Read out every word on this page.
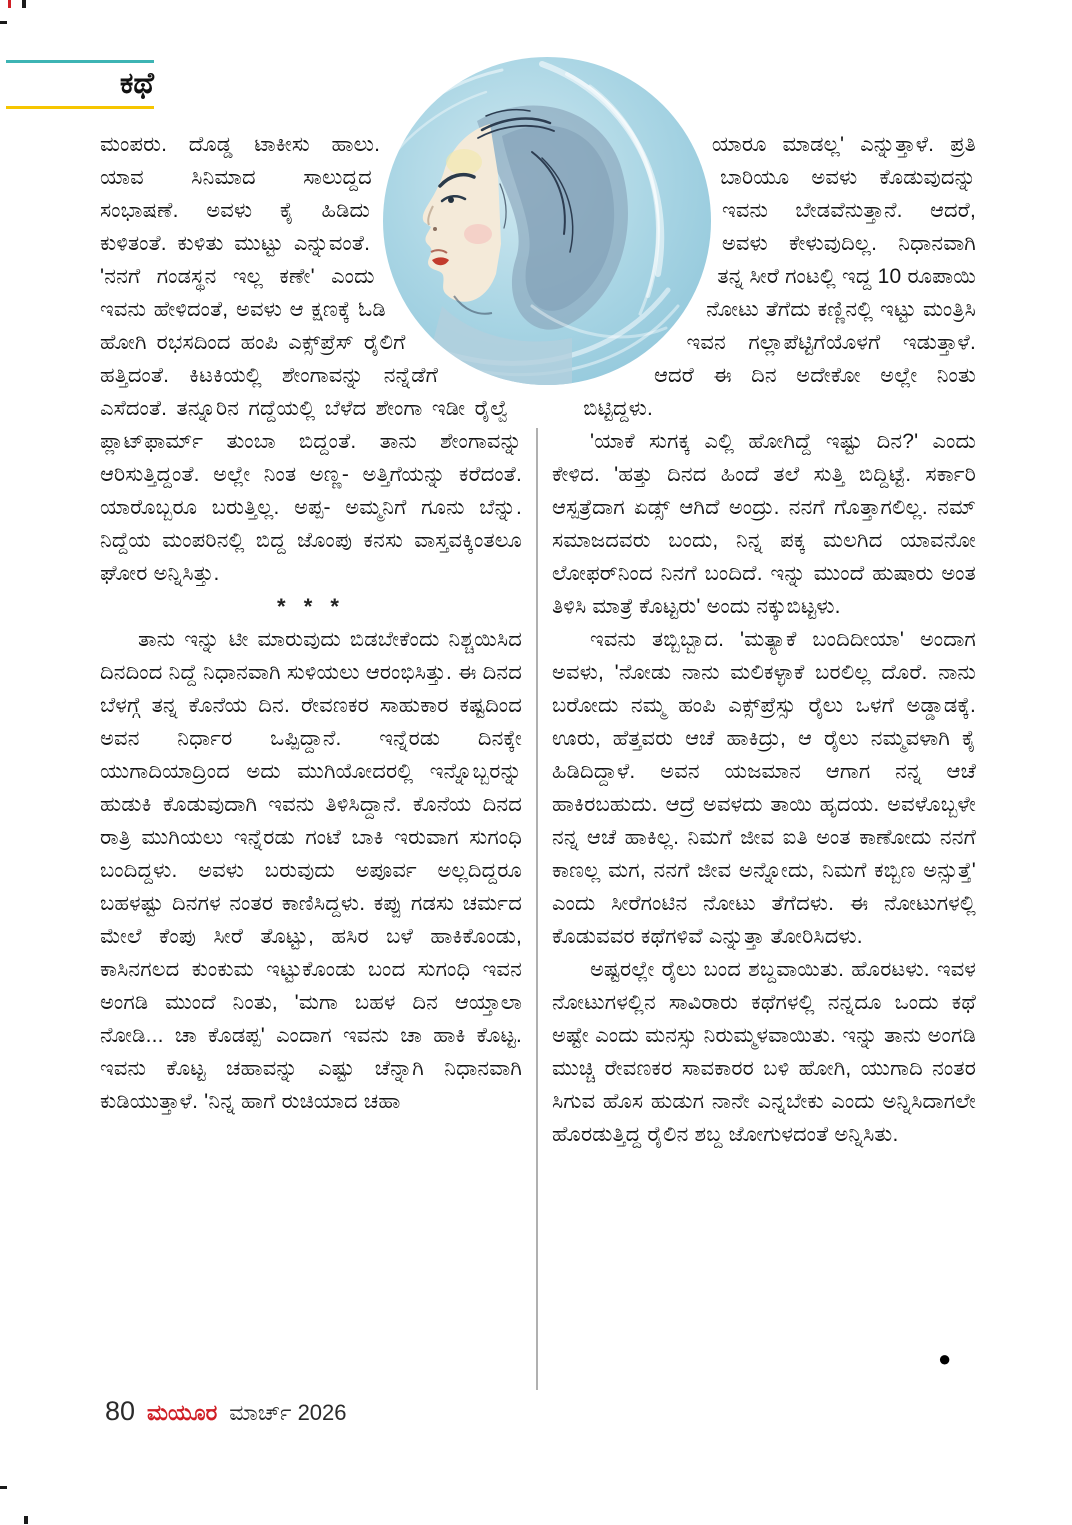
ಕಥೆ

ಮಂಪರು. ದೊಡ್ಡ ಟಾಕೀಸು ಹಾಲು. ಯಾವ ಸಿನಿಮಾದ ಸಾಲುದ್ದದ ಸಂಭಾಷಣೆ. ಅವಳು ಕೈ ಹಿಡಿದು ಕುಳಿತಂತೆ. ಕುಳಿತು ಮುಟ್ಟು ಎನ್ನುವಂತೆ. 'ನನಗೆ ಗಂಡಸ್ಥನ ಇಲ್ಲ ಕಣೇ' ಎಂದು ಇವನು ಹೇಳಿದಂತೆ, ಅವಳು ಆ ಕ್ಷಣಕ್ಕೆ ಓಡಿ ಹೋಗಿ ರಭಸದಿಂದ ಹಂಪಿ ಎಕ್ಸ್‌ಪ್ರೆಸ್ ರೈಲಿಗೆ ಹತ್ತಿದಂತೆ. ಕಿಟಕಿಯಲ್ಲಿ ಶೇಂಗಾವನ್ನು ನನ್ನೆಡೆಗೆ ಎಸೆದಂತೆ. ತನ್ನೂರಿನ ಗದ್ದೆಯಲ್ಲಿ ಬೆಳೆದ ಶೇಂಗಾ ಇಡೀ ರೈಲ್ವೆ ಪ್ಲಾಟ್‌ಫಾರ್ಮ್ ತುಂಬಾ ಬಿದ್ದಂತೆ. ತಾನು ಶೇಂಗಾವನ್ನು ಆರಿಸುತ್ತಿದ್ದಂತೆ. ಅಲ್ಲೇ ನಿಂತ ಅಣ್ಣ- ಅತ್ತಿಗೆಯನ್ನು ಕರೆದಂತೆ. ಯಾರೊಬ್ಬರೂ ಬರುತ್ತಿಲ್ಲ. ಅಪ್ಪ- ಅಮ್ಮನಿಗೆ ಗೂನು ಬೆನ್ನು. ನಿದ್ದೆಯ ಮಂಪರಿನಲ್ಲಿ ಬಿದ್ದ ಜೊಂಪು ಕನಸು ವಾಸ್ತವಕ್ಕಿಂತಲೂ ಘೋರ ಅನ್ನಿಸಿತ್ತು.

* * *

ತಾನು ಇನ್ನು ಟೀ ಮಾರುವುದು ಬಿಡಬೇಕೆಂದು ನಿಶ್ಚಯಿಸಿದ ದಿನದಿಂದ ನಿದ್ದೆ ನಿಧಾನವಾಗಿ ಸುಳಿಯಲು ಆರಂಭಿಸಿತ್ತು. ಈ ದಿನದ ಬೆಳಗ್ಗೆ ತನ್ನ ಕೊನೆಯ ದಿನ. ರೇವಣಕರ ಸಾಹುಕಾರ ಕಷ್ಟದಿಂದ ಅವನ ನಿರ್ಧಾರ ಒಪ್ಪಿದ್ದಾನೆ. ಇನ್ನೆರಡು ದಿನಕ್ಕೇ ಯುಗಾದಿಯಾದ್ರಿಂದ ಅದು ಮುಗಿಯೋದರಲ್ಲಿ ಇನ್ನೊಬ್ಬರನ್ನು ಹುಡುಕಿ ಕೊಡುವುದಾಗಿ ಇವನು ತಿಳಿಸಿದ್ದಾನೆ. ಕೊನೆಯ ದಿನದ ರಾತ್ರಿ ಮುಗಿಯಲು ಇನ್ನೆರಡು ಗಂಟೆ ಬಾಕಿ ಇರುವಾಗ ಸುಗಂಧಿ ಬಂದಿದ್ದಳು. ಅವಳು ಬರುವುದು ಅಪೂರ್ವ ಅಲ್ಲದಿದ್ದರೂ ಬಹಳಷ್ಟು ದಿನಗಳ ನಂತರ ಕಾಣಿಸಿದ್ದಳು. ಕಪ್ಪು ಗಡಸು ಚರ್ಮದ ಮೇಲೆ ಕೆಂಪು ಸೀರೆ ತೊಟ್ಟು, ಹಸಿರ ಬಳೆ ಹಾಕಿಕೊಂಡು, ಕಾಸಿನಗಲದ ಕುಂಕುಮ ಇಟ್ಟುಕೊಂಡು ಬಂದ ಸುಗಂಧಿ ಇವನ ಅಂಗಡಿ ಮುಂದೆ ನಿಂತು, 'ಮಗಾ ಬಹಳ ದಿನ ಆಯ್ತಾಲಾ ನೋಡಿ... ಚಾ ಕೊಡಪ್ಪ' ಎಂದಾಗ ಇವನು ಚಾ ಹಾಕಿ ಕೊಟ್ಟ. ಇವನು ಕೊಟ್ಟ ಚಹಾವನ್ನು ಎಷ್ಟು ಚೆನ್ನಾಗಿ ನಿಧಾನವಾಗಿ ಕುಡಿಯುತ್ತಾಳೆ. 'ನಿನ್ನ ಹಾಗೆ ರುಚಿಯಾದ ಚಹಾ

ಯಾರೂ ಮಾಡಲ್ಲ' ಎನ್ನುತ್ತಾಳೆ. ಪ್ರತಿ ಬಾರಿಯೂ ಅವಳು ಕೊಡುವುದನ್ನು ಇವನು ಬೇಡವೆನುತ್ತಾನೆ. ಆದರೆ, ಅವಳು ಕೇಳುವುದಿಲ್ಲ. ನಿಧಾನವಾಗಿ ತನ್ನ ಸೀರೆ ಗಂಟಲ್ಲಿ ಇದ್ದ 10 ರೂಪಾಯಿ ನೋಟು ತೆಗೆದು ಕಣ್ಣಿನಲ್ಲಿ ಇಟ್ಟು ಮಂತ್ರಿಸಿ ಇವನ ಗಲ್ಲಾಪೆಟ್ಟಿಗೆಯೊಳಗೆ ಇಡುತ್ತಾಳೆ. ಆದರೆ ಈ ದಿನ ಅದೇಕೋ ಅಲ್ಲೇ ನಿಂತು ಬಿಟ್ಟಿದ್ದಳು.

'ಯಾಕೆ ಸುಗಕ್ಕ ಎಲ್ಲಿ ಹೋಗಿದ್ದೆ ಇಷ್ಟು ದಿನ?' ಎಂದು ಕೇಳಿದ. 'ಹತ್ತು ದಿನದ ಹಿಂದೆ ತಲೆ ಸುತ್ತಿ ಬಿದ್ದಿಟ್ಟೆ. ಸರ್ಕಾರಿ ಆಸ್ಪತ್ರೆದಾಗ ಏಡ್ಸ್ ಆಗಿದೆ ಅಂದ್ರು. ನನಗೆ ಗೊತ್ತಾಗಲಿಲ್ಲ. ನಮ್ ಸಮಾಜದವರು ಬಂದು, ನಿನ್ನ ಪಕ್ಕ ಮಲಗಿದ ಯಾವನೋ ಲೋಫರ್‌ನಿಂದ ನಿನಗೆ ಬಂದಿದೆ. ಇನ್ನು ಮುಂದೆ ಹುಷಾರು ಅಂತ ತಿಳಿಸಿ ಮಾತ್ರೆ ಕೊಟ್ಟರು' ಅಂದು ನಕ್ಕುಬಿಟ್ಟಳು.

ಇವನು ತಬ್ಬಿಬ್ಬಾದ. 'ಮತ್ಯಾಕೆ ಬಂದಿದೀಯಾ' ಅಂದಾಗ ಅವಳು, 'ನೋಡು ನಾನು ಮಲಿಕಳ್ಳಾಕೆ ಬರಲಿಲ್ಲ ದೊರೆ. ನಾನು ಬರೋದು ನಮ್ಮ ಹಂಪಿ ಎಕ್ಸ್‌ಪ್ರೆಸ್ಸು ರೈಲು ಒಳಗೆ ಅಡ್ಡಾಡಕ್ಕೆ. ಊರು, ಹೆತ್ತವರು ಆಚೆ ಹಾಕಿದ್ರು, ಆ ರೈಲು ನಮ್ಮವಳಾಗಿ ಕೈ ಹಿಡಿದಿದ್ದಾಳೆ. ಅವನ ಯಜಮಾನ ಆಗಾಗ ನನ್ನ ಆಚೆ ಹಾಕಿರಬಹುದು. ಆದ್ರೆ ಅವಳದು ತಾಯಿ ಹೃದಯ. ಅವಳೊಬ್ಬಳೇ ನನ್ನ ಆಚೆ ಹಾಕಿಲ್ಲ. ನಿಮಗೆ ಜೀವ ಐತಿ ಅಂತ ಕಾಣೋದು ನನಗೆ ಕಾಣಲ್ಲ ಮಗ, ನನಗೆ ಜೀವ ಅನ್ನೋದು, ನಿಮಗೆ ಕಬ್ಬಿಣ ಅನ್ಸುತ್ತೆ' ಎಂದು ಸೀರೆಗಂಟಿನ ನೋಟು ತೆಗೆದಳು. ಈ ನೋಟುಗಳಲ್ಲಿ ಕೊಡುವವರ ಕಥೆಗಳಿವೆ ಎನ್ನುತ್ತಾ ತೋರಿಸಿದಳು.

ಅಷ್ಟರಲ್ಲೇ ರೈಲು ಬಂದ ಶಬ್ದವಾಯಿತು. ಹೊರಟಳು. ಇವಳ ನೋಟುಗಳಲ್ಲಿನ ಸಾವಿರಾರು ಕಥೆಗಳಲ್ಲಿ ನನ್ನದೂ ಒಂದು ಕಥೆ ಅಷ್ಟೇ ಎಂದು ಮನಸ್ಸು ನಿರುಮ್ಮಳವಾಯಿತು. ಇನ್ನು ತಾನು ಅಂಗಡಿ ಮುಚ್ಚಿ ರೇವಣಕರ ಸಾವಕಾರರ ಬಳಿ ಹೋಗಿ, ಯುಗಾದಿ ನಂತರ ಸಿಗುವ ಹೊಸ ಹುಡುಗ ನಾನೇ ಎನ್ನಬೇಕು ಎಂದು ಅನ್ನಿಸಿದಾಗಲೇ ಹೊರಡುತ್ತಿದ್ದ ರೈಲಿನ ಶಬ್ದ ಜೋಗುಳದಂತೆ ಅನ್ನಿಸಿತು.

●
80 ಮಯೂರ ಮಾರ್ಚ್ 2026
